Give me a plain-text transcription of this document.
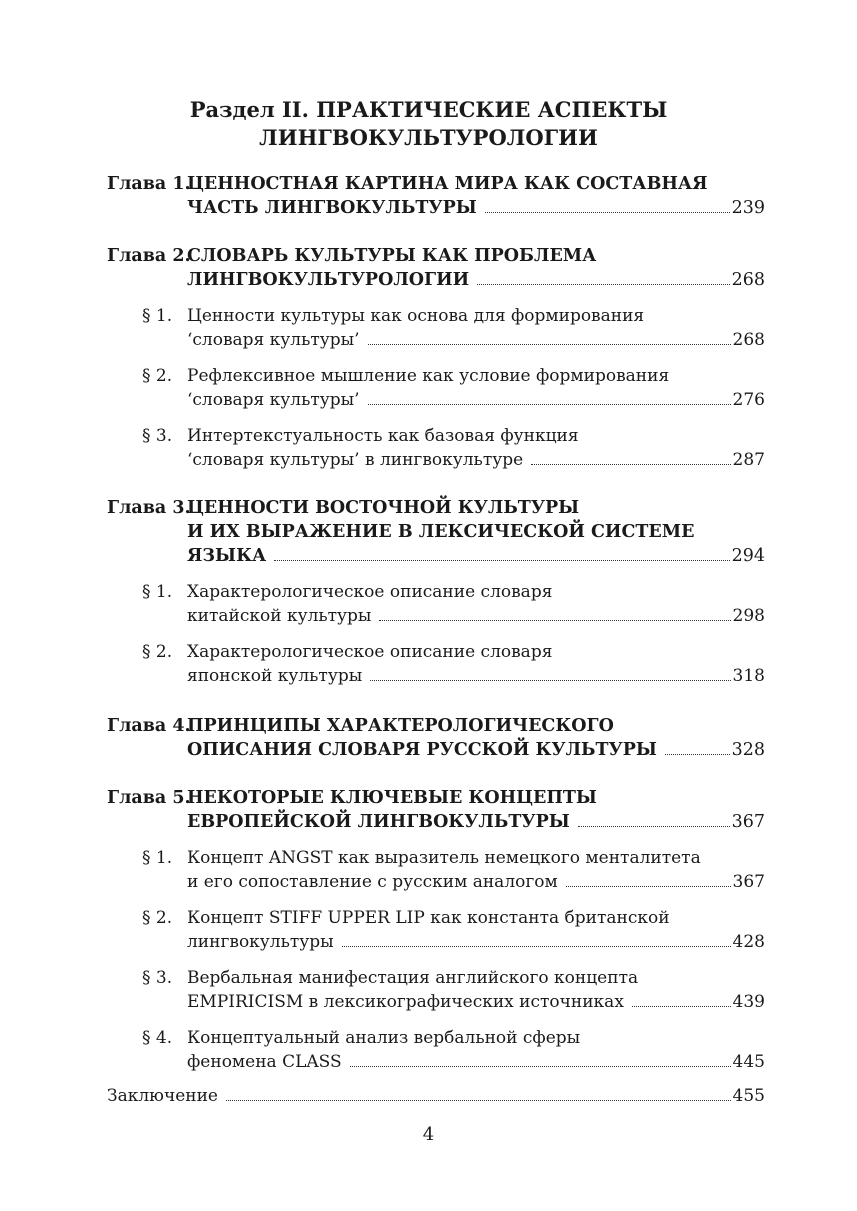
Раздел II. ПРАКТИЧЕСКИЕ АСПЕКТЫ
ЛИНГВОКУЛЬТУРОЛОГИИ
Глава 1.
ЦЕННОСТНАЯ КАРТИНА МИРА КАК СОСТАВНАЯ
ЧАСТЬ ЛИНГВОКУЛЬТУРЫ	239
Глава 2.
СЛОВАРЬ КУЛЬТУРЫ КАК ПРОБЛЕМА
ЛИНГВОКУЛЬТУРОЛОГИИ	268
§ 1. Ценности культуры как основа для формирования
‘словаря культуры’	268
§ 2. Рефлексивное мышление как условие формирования
‘словаря культуры’	276
§ 3. Интертекстуальность как базовая функция
‘словаря культуры’ в лингвокультуре	287
Глава 3.
ЦЕННОСТИ ВОСТОЧНОЙ КУЛЬТУРЫ
И ИХ ВЫРАЖЕНИЕ В ЛЕКСИЧЕСКОЙ СИСТЕМЕ
ЯЗЫКА	294
§ 1. Характерологическое описание словаря
китайской культуры	298
§ 2. Характерологическое описание словаря
японской культуры	318
Глава 4.
ПРИНЦИПЫ ХАРАКТЕРОЛОГИЧЕСКОГО
ОПИСАНИЯ СЛОВАРЯ РУССКОЙ КУЛЬТУРЫ	328
Глава 5.
НЕКОТОРЫЕ КЛЮЧЕВЫЕ КОНЦЕПТЫ
ЕВРОПЕЙСКОЙ ЛИНГВОКУЛЬТУРЫ	367
§ 1. Концепт ANGST как выразитель немецкого менталитета
и его сопоставление с русским аналогом	367
§ 2. Концепт STIFF UPPER LIP как константа британской
лингвокультуры	428
§ 3. Вербальная манифестация английского концепта
EMPIRICISM в лексикографических источниках	439
§ 4. Концептуальный анализ вербальной сферы
феномена CLASS	445
Заключение	455
4
